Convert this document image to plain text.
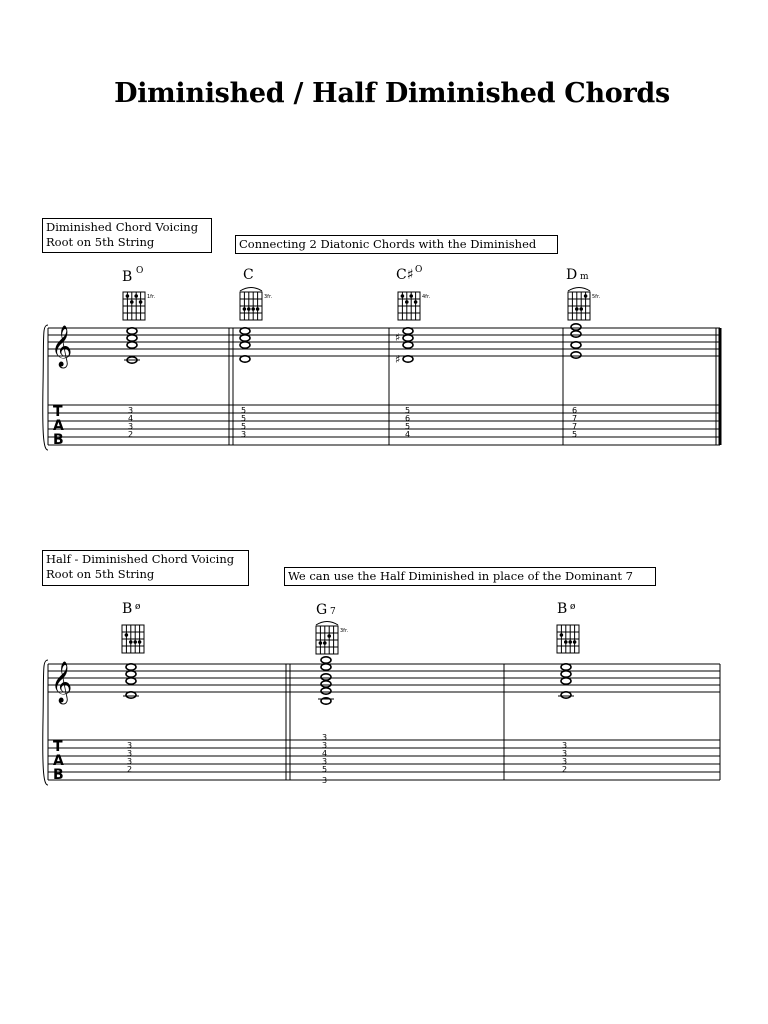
Diminished / Half Diminished Chords
Diminished Chord Voicing
Root on 5th String	Connecting 2 Diatonic Chords with the Diminished
Half - Diminished Chord Voicing
Root on 5th String	We can use the Half Diminished in place of the Dominant 7
𝄞
T
A
B
B O
1fr.
3
4
3
2
C
3fr.
5
5
5
3
C♯ O
4fr.
♯
♯
5
6
5
4
D m
5fr.
6
7
7
5
𝄞
T
A
B
B ø
3
3
3
2
G 7
3fr.
3
3
4
3
5
3
B ø
3
3
3
2
